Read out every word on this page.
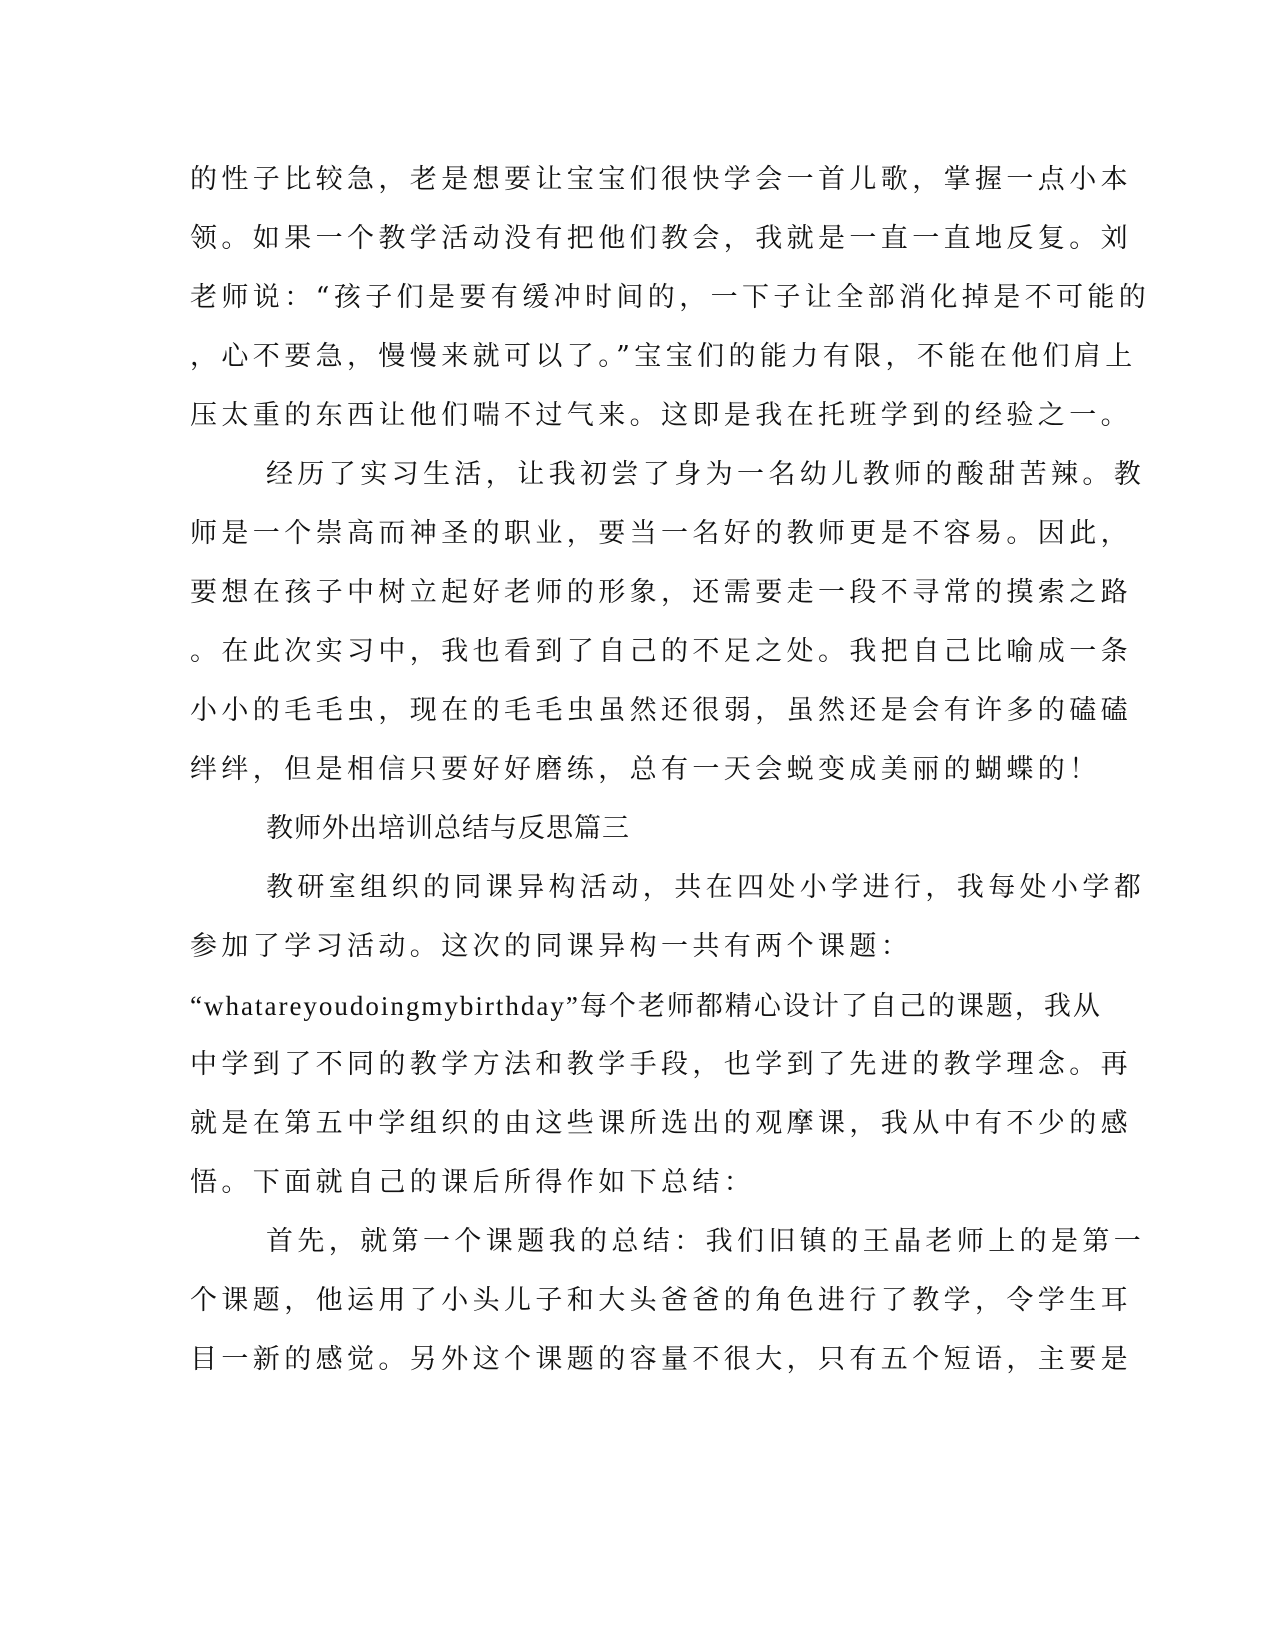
的性子比较急，老是想要让宝宝们很快学会一首儿歌，掌握一点小本
领。如果一个教学活动没有把他们教会，我就是一直一直地反复。刘
老师说：“孩子们是要有缓冲时间的，一下子让全部消化掉是不可能的
，心不要急，慢慢来就可以了。”宝宝们的能力有限，不能在他们肩上
压太重的东西让他们喘不过气来。这即是我在托班学到的经验之一。
经历了实习生活，让我初尝了身为一名幼儿教师的酸甜苦辣。教
师是一个崇高而神圣的职业，要当一名好的教师更是不容易。因此，
要想在孩子中树立起好老师的形象，还需要走一段不寻常的摸索之路
。在此次实习中，我也看到了自己的不足之处。我把自己比喻成一条
小小的毛毛虫，现在的毛毛虫虽然还很弱，虽然还是会有许多的磕磕
绊绊，但是相信只要好好磨练，总有一天会蜕变成美丽的蝴蝶的！
教师外出培训总结与反思篇三
教研室组织的同课异构活动，共在四处小学进行，我每处小学都
参加了学习活动。这次的同课异构一共有两个课题：
“whatareyoudoingmybirthday”每个老师都精心设计了自己的课题，我从
中学到了不同的教学方法和教学手段，也学到了先进的教学理念。再
就是在第五中学组织的由这些课所选出的观摩课，我从中有不少的感
悟。下面就自己的课后所得作如下总结：
首先，就第一个课题我的总结：我们旧镇的王晶老师上的是第一
个课题，他运用了小头儿子和大头爸爸的角色进行了教学，令学生耳
目一新的感觉。另外这个课题的容量不很大，只有五个短语，主要是
